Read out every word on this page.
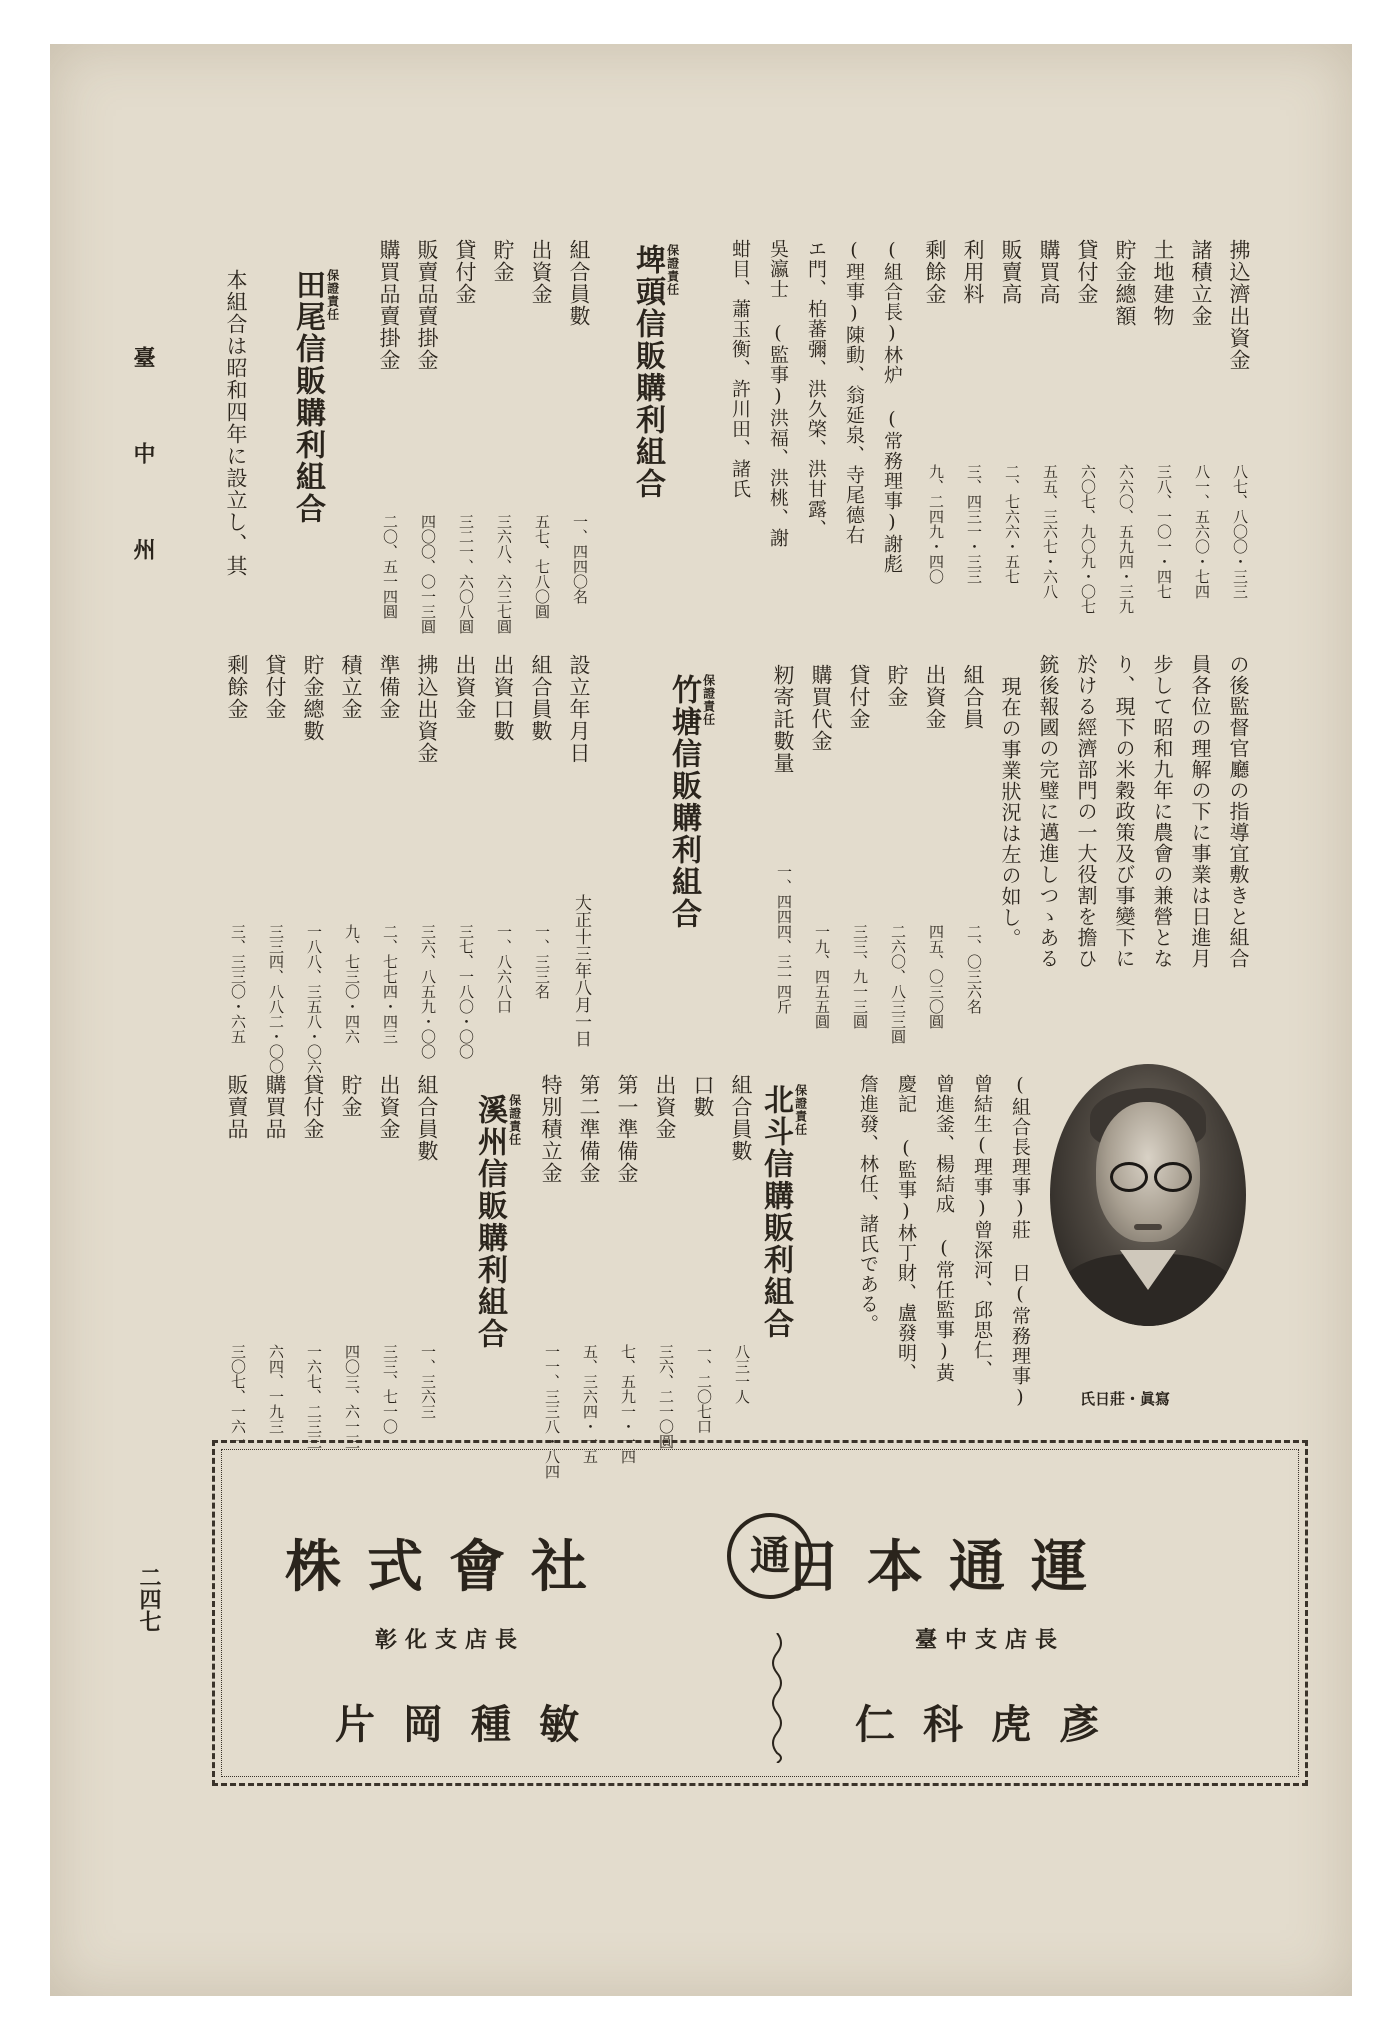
臺 中 州
二四七
拂込濟出資金
八七、八〇〇・三三
諸積立金
八一、五六〇・七四
土地建物
三八、一〇一・四七
貯金總額
六六〇、五九四・三九
貸付金
六〇七、九〇九・〇七
購買高
五五、三六七・六八
販賣高
二、七六六・五七
利用料
三、四三一・三三
剩餘金
九、二四九・四〇
(組合長)林炉 (常務理事)謝彪
(理事)陳動、翁延泉、寺尾德右
エ門、柏蕃彌、洪久棨、洪甘露、
吳瀛士 (監事)洪福、洪桃、謝
蚶目、蕭玉衡、許川田、諸氏
保證責任
埤頭信販購利組合
組合員數
一、四四〇名
出資金
五七、七八〇圓
貯金
三六八、六三七圓
貸付金
三二一、六〇八圓
販賣品賣掛金
四〇〇、〇一三圓
購買品賣掛金
二〇、五一四圓
保證責任
田尾信販購利組合
本組合は昭和四年に設立し、其
の後監督官廳の指導宜敷きと組合
員各位の理解の下に事業は日進月
步して昭和九年に農會の兼營とな
り、現下の米穀政策及び事變下に
於ける經濟部門の一大役割を擔ひ
銃後報國の完璧に邁進しつゝある
現在の事業狀況は左の如し。
組合員
二、〇三六名
出資金
四五、〇三〇圓
貯金
二六〇、八三三圓
貸付金
三三、九一三圓
購買代金
一九、四五五圓
籾寄託數量
一、四四四、三一四斤
保證責任
竹塘信販購利組合
設立年月日
大正十三年八月一日
組合員數
一、三三名
出資口數
一、八六八口
出資金
三七、一八〇・〇〇
拂込出資金
三六、八五九・〇〇
準備金
二、七七四・四三
積立金
九、七三〇・四六
貯金總數
一八八、三五八・〇六
貸付金
三三四、八八二・〇〇
剩餘金
三、三三〇・六五
寫眞・莊日氏
(組合長理事)莊 日(常務理事)
曾結生(理事)曾深河、邱思仁、
曾進釜、楊結成 (常任監事)黃
慶記 (監事)林丁財、盧發明、
詹進發、林任、諸氏である。
保證責任
北斗信購販利組合
組合員數
八三一人
口數
一、二〇七口
出資金
三六、二一〇圓
第一準備金
七、五九一・一四
第二準備金
五、三六四・一五
特別積立金
一一、三三八・八四
保證責任
溪州信販購利組合
組合員數
一、三六三
出資金
三三、七一〇
貯金
四〇三、六一三
貸付金
一六七、二三三
購買品
六四、一九三
販賣品
三〇七、一六一
日本通運
通
株式會社
臺中支店長
彰化支店長
仁科虎彥
片岡種敏
